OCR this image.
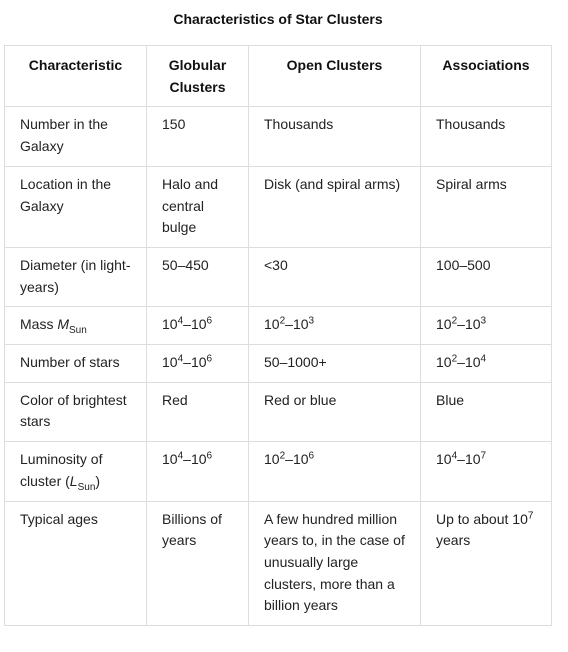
Characteristics of Star Clusters
Characteristic	Globular Clusters	Open Clusters	Associations
Number in the Galaxy	150	Thousands	Thousands
Location in the Galaxy	Halo and central bulge	Disk (and spiral arms)	Spiral arms
Diameter (in light-years)	50–450	<30	100–500
Mass $M_{Sun}$	$10^4-10^6$	$10^2-10^3$	$10^2-10^3$
Number of stars	$10^4-10^6$	50–1000+	$10^2-10^4$
Color of brightest stars	Red	Red or blue	Blue
Luminosity of cluster $(L_{Sun})$	$10^4-10^6$	$10^2-10^6$	$10^4-10^7$
Typical ages	Billions of years	A few hundred million years to, in the case of unusually large clusters, more than a billion years	Up to about $10^7$ years
